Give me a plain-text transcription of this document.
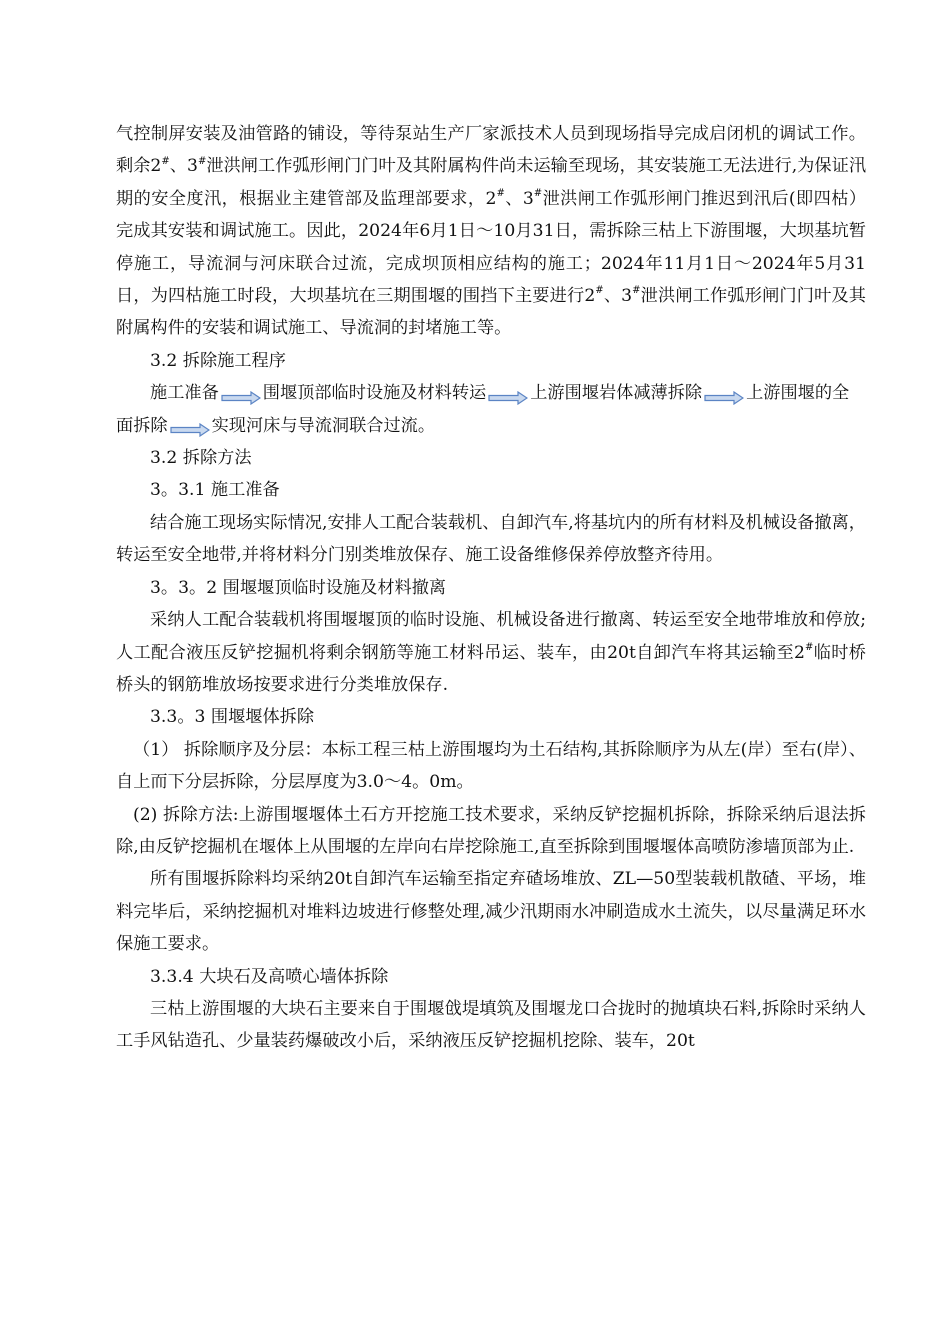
气控制屏安装及油管路的铺设，等待泵站生产厂家派技术人员到现场指导完成启闭机的调试工作。剩余2#、3#泄洪闸工作弧形闸门门叶及其附属构件尚未运输至现场，其安装施工无法进行,为保证汛期的安全度汛，根据业主建管部及监理部要求，2#、3#泄洪闸工作弧形闸门推迟到汛后(即四枯）完成其安装和调试施工。因此，2024年6月1日～10月31日，需拆除三枯上下游围堰，大坝基坑暂停施工，导流洞与河床联合过流，完成坝顶相应结构的施工；2024年11月1日～2024年5月31日，为四枯施工时段，大坝基坑在三期围堰的围挡下主要进行2#、3#泄洪闸工作弧形闸门门叶及其附属构件的安装和调试施工、导流洞的封堵施工等。

3.2 拆除施工程序

施工准备	围堰顶部临时设施及材料转运	上游围堰岩体减薄拆除	上游围堰的全面拆除	实现河床与导流洞联合过流。

3.2 拆除方法

3。3.1 施工准备

结合施工现场实际情况,安排人工配合装载机、自卸汽车,将基坑内的所有材料及机械设备撤离，转运至安全地带,并将材料分门别类堆放保存、施工设备维修保养停放整齐待用。

3。3。2 围堰堰顶临时设施及材料撤离

采纳人工配合装载机将围堰堰顶的临时设施、机械设备进行撤离、转运至安全地带堆放和停放;人工配合液压反铲挖掘机将剩余钢筋等施工材料吊运、装车，由20t自卸汽车将其运输至2#临时桥桥头的钢筋堆放场按要求进行分类堆放保存.

3.3。3 围堰堰体拆除

（1） 拆除顺序及分层：本标工程三枯上游围堰均为土石结构,其拆除顺序为从左(岸）至右(岸）、自上而下分层拆除，分层厚度为3.0～4。0m。

(2) 拆除方法:上游围堰堰体土石方开挖施工技术要求，采纳反铲挖掘机拆除，拆除采纳后退法拆除,由反铲挖掘机在堰体上从围堰的左岸向右岸挖除施工,直至拆除到围堰堰体高喷防渗墙顶部为止.

所有围堰拆除料均采纳20t自卸汽车运输至指定弃碴场堆放、ZL—50型装载机散碴、平场，堆料完毕后，采纳挖掘机对堆料边坡进行修整处理,减少汛期雨水冲刷造成水土流失，以尽量满足环水保施工要求。

3.3.4 大块石及高喷心墙体拆除

三枯上游围堰的大块石主要来自于围堰戗堤填筑及围堰龙口合拢时的抛填块石料,拆除时采纳人工手风钻造孔、少量装药爆破改小后，采纳液压反铲挖掘机挖除、装车，20t
